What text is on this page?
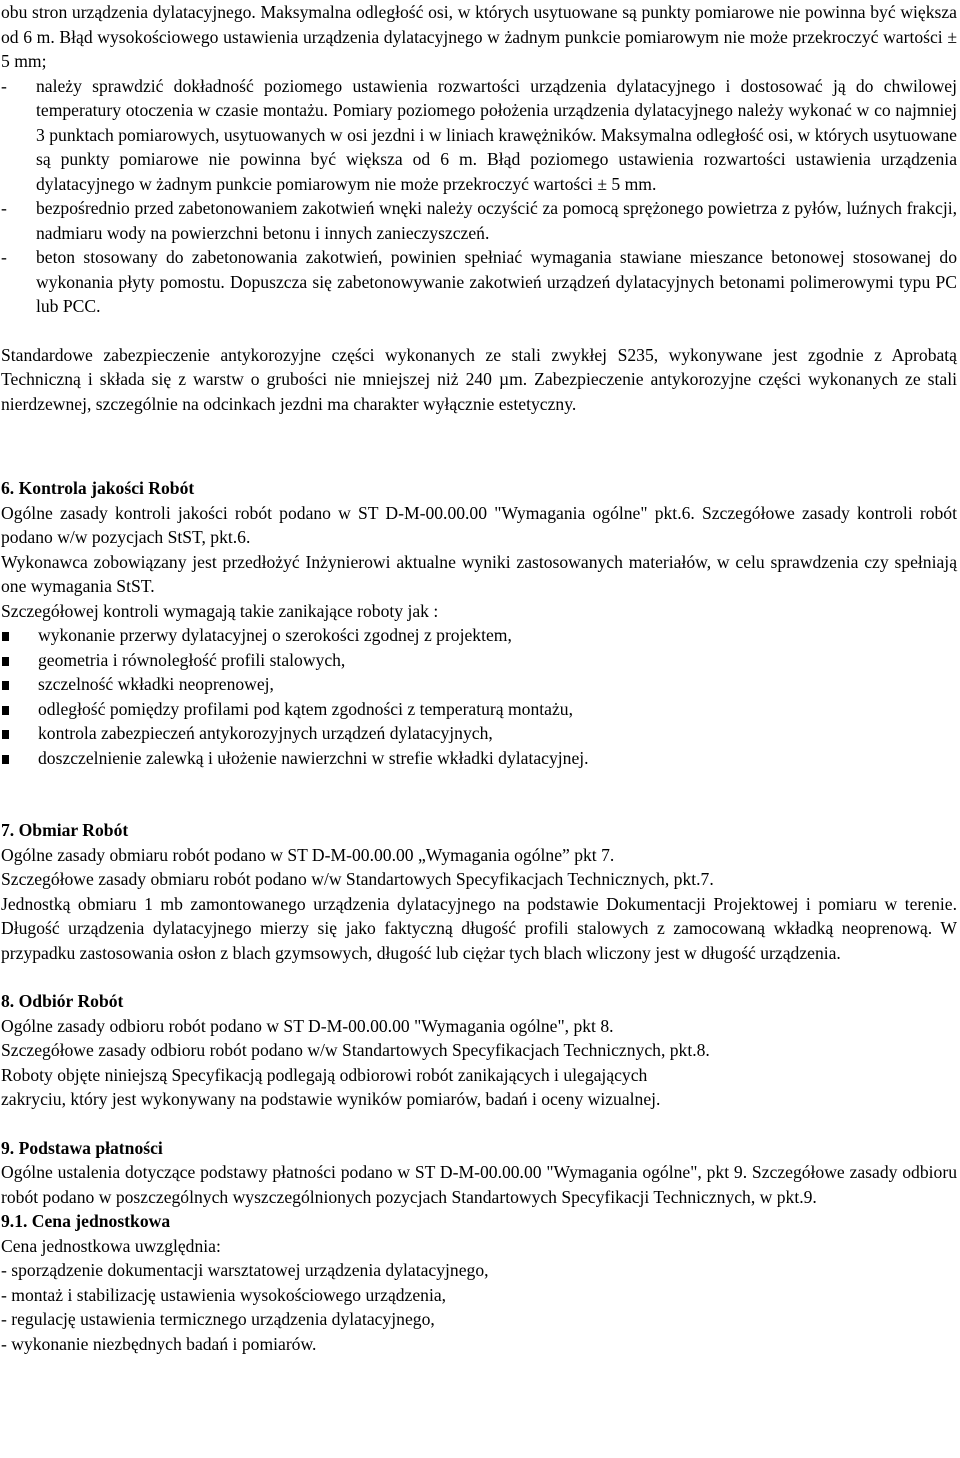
obu stron urządzenia dylatacyjnego. Maksymalna odległość osi, w których usytuowane są punkty pomiarowe nie powinna być większa od 6 m. Błąd wysokościowego ustawienia urządzenia dylatacyjnego w żadnym punkcie pomiarowym nie może przekroczyć wartości ± 5 mm;

-	należy sprawdzić dokładność poziomego ustawienia rozwartości urządzenia dylatacyjnego i dostosować ją do chwilowej temperatury otoczenia w czasie montażu. Pomiary poziomego położenia urządzenia dylatacyjnego należy wykonać w co najmniej 3 punktach pomiarowych, usytuowanych w osi jezdni i w liniach krawężników. Maksymalna odległość osi, w których usytuowane są punkty pomiarowe nie powinna być większa od 6 m. Błąd poziomego ustawienia rozwartości ustawienia urządzenia dylatacyjnego w żadnym punkcie pomiarowym nie może przekroczyć wartości ± 5 mm.
-	bezpośrednio przed zabetonowaniem zakotwień wnęki należy oczyścić za pomocą sprężonego powietrza z pyłów, luźnych frakcji, nadmiaru wody na powierzchni betonu i innych zanieczyszczeń.
-	beton stosowany do zabetonowania zakotwień, powinien spełniać wymagania stawiane mieszance betonowej stosowanej do wykonania płyty pomostu. Dopuszcza się zabetonowywanie zakotwień urządzeń dylatacyjnych betonami polimerowymi typu PC lub PCC.

Standardowe zabezpieczenie antykorozyjne części wykonanych ze stali zwykłej S235, wykonywane jest zgodnie z Aprobatą Techniczną i składa się z warstw o grubości nie mniejszej niż 240 µm. Zabezpieczenie antykorozyjne części wykonanych ze stali nierdzewnej, szczególnie na odcinkach jezdni ma charakter wyłącznie estetyczny.

6. Kontrola jakości Robót

Ogólne zasady kontroli jakości robót podano w ST D-M-00.00.00 "Wymagania ogólne" pkt.6. Szczegółowe zasady kontroli robót podano w/w pozycjach StST, pkt.6.

Wykonawca zobowiązany jest przedłożyć Inżynierowi aktualne wyniki zastosowanych materiałów, w celu sprawdzenia czy spełniają one wymagania StST.

Szczegółowej kontroli wymagają takie zanikające roboty jak :

wykonanie przerwy dylatacyjnej o szerokości zgodnej z projektem,
geometria i równoległość profili stalowych,
szczelność wkładki neoprenowej,
odległość pomiędzy profilami pod kątem zgodności z temperaturą montażu,
kontrola zabezpieczeń antykorozyjnych urządzeń dylatacyjnych,
doszczelnienie zalewką i ułożenie nawierzchni w strefie wkładki dylatacyjnej.

7. Obmiar Robót

Ogólne zasady obmiaru robót podano w ST D-M-00.00.00 „Wymagania ogólne” pkt 7.

Szczegółowe zasady obmiaru robót podano w/w Standartowych Specyfikacjach Technicznych, pkt.7.

Jednostką obmiaru 1 mb zamontowanego urządzenia dylatacyjnego na podstawie Dokumentacji Projektowej i pomiaru w terenie. Długość urządzenia dylatacyjnego mierzy się jako faktyczną długość profili stalowych z zamocowaną wkładką neoprenową. W przypadku zastosowania osłon z blach gzymsowych, długość lub ciężar tych blach wliczony jest w długość urządzenia.

8. Odbiór Robót

Ogólne zasady odbioru robót podano w ST D-M-00.00.00 "Wymagania ogólne", pkt 8.

Szczegółowe zasady odbioru robót podano w/w Standartowych Specyfikacjach Technicznych, pkt.8.

Roboty objęte niniejszą Specyfikacją podlegają odbiorowi robót zanikających i ulegających

zakryciu, który jest wykonywany na podstawie wyników pomiarów, badań i oceny wizualnej.

9. Podstawa płatności

Ogólne ustalenia dotyczące podstawy płatności podano w ST D-M-00.00.00 "Wymagania ogólne", pkt 9. Szczegółowe zasady odbioru robót podano w poszczególnych wyszczególnionych pozycjach Standartowych Specyfikacji Technicznych, w pkt.9.

9.1. Cena jednostkowa

Cena jednostkowa uwzględnia:

- sporządzenie dokumentacji warsztatowej urządzenia dylatacyjnego,
- montaż i stabilizację ustawienia wysokościowego urządzenia,
- regulację ustawienia termicznego urządzenia dylatacyjnego,
- wykonanie niezbędnych badań i pomiarów.
